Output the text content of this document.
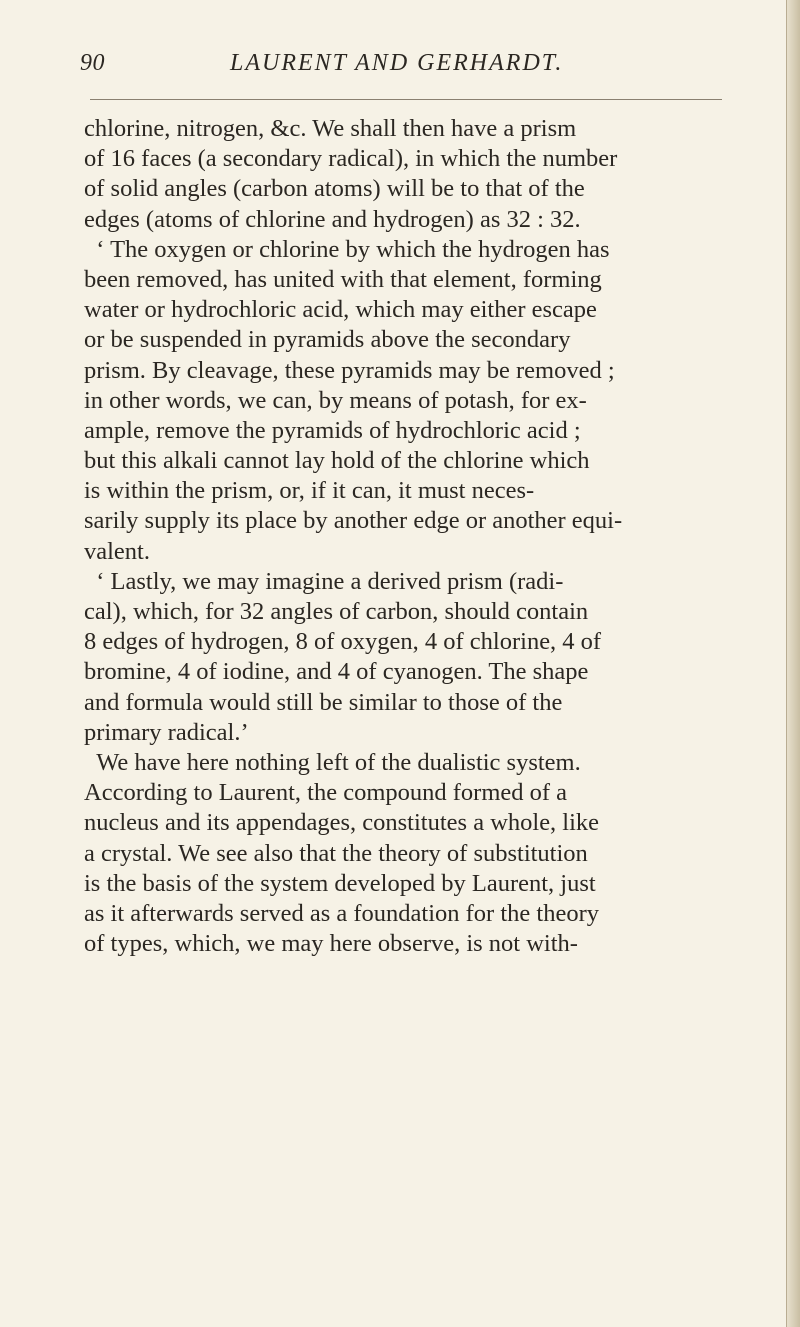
90	LAURENT AND GERHARDT.
chlorine, nitrogen, &c. We shall then have a prism
of 16 faces (a secondary radical), in which the number
of solid angles (carbon atoms) will be to that of the
edges (atoms of chlorine and hydrogen) as 32 : 32.
‘ The oxygen or chlorine by which the hydrogen has
been removed, has united with that element, forming
water or hydrochloric acid, which may either escape
or be suspended in pyramids above the secondary
prism. By cleavage, these pyramids may be removed ;
in other words, we can, by means of potash, for ex-
ample, remove the pyramids of hydrochloric acid ;
but this alkali cannot lay hold of the chlorine which
is within the prism, or, if it can, it must neces-
sarily supply its place by another edge or another equi-
valent.
‘ Lastly, we may imagine a derived prism (radi-
cal), which, for 32 angles of carbon, should contain
8 edges of hydrogen, 8 of oxygen, 4 of chlorine, 4 of
bromine, 4 of iodine, and 4 of cyanogen. The shape
and formula would still be similar to those of the
primary radical.’
We have here nothing left of the dualistic system.
According to Laurent, the compound formed of a
nucleus and its appendages, constitutes a whole, like
a crystal. We see also that the theory of substitution
is the basis of the system developed by Laurent, just
as it afterwards served as a foundation for the theory
of types, which, we may here observe, is not with-
